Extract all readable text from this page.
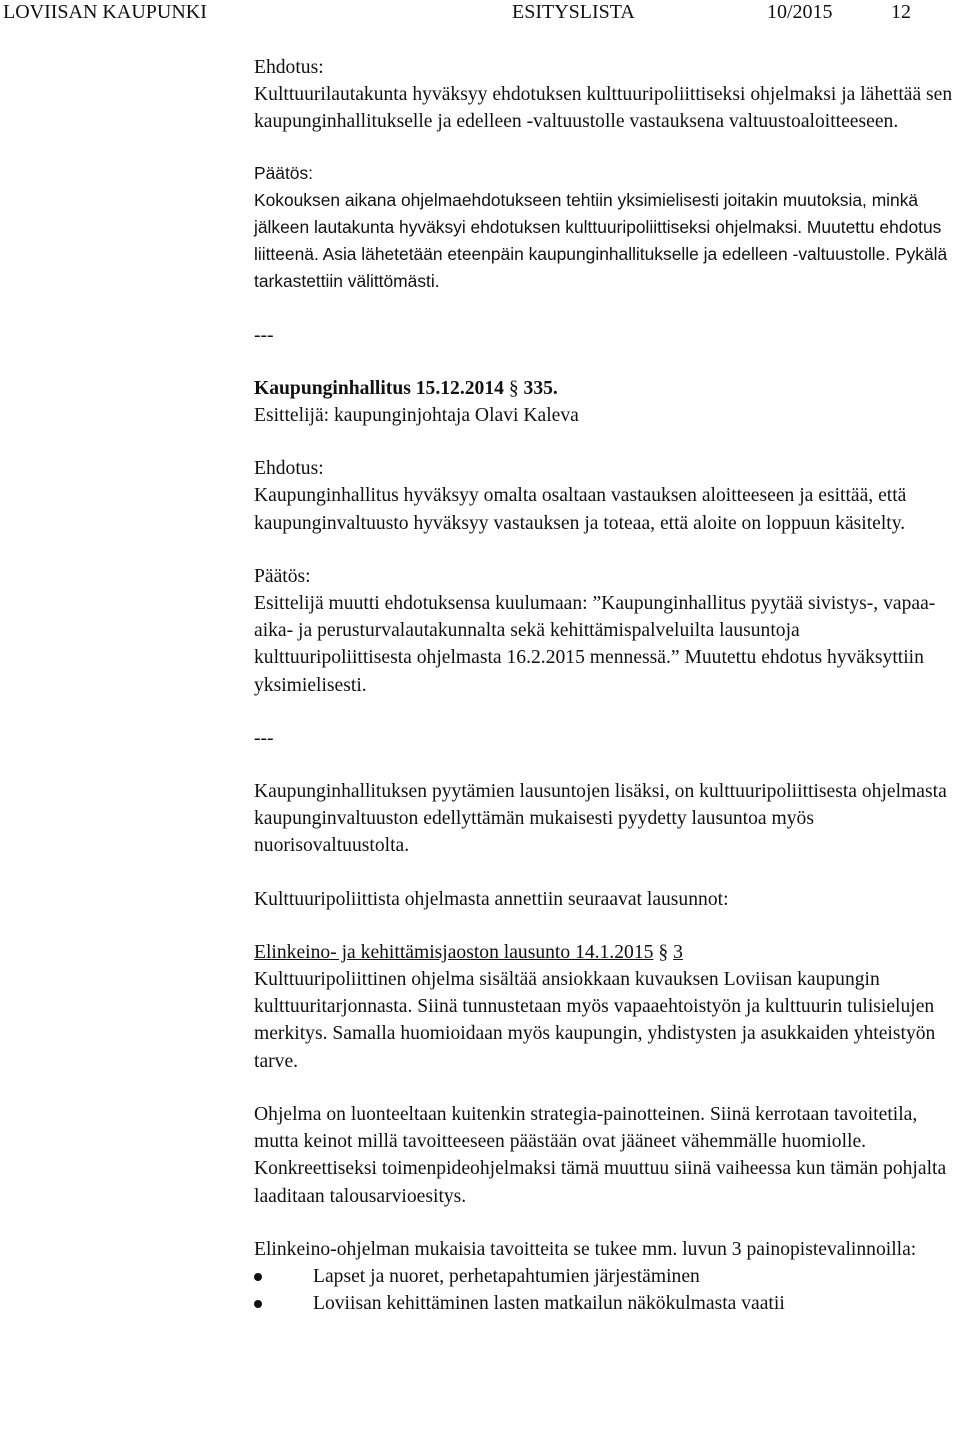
LOVIISAN KAUPUNKI	ESITYSLISTA	10/2015	12

Ehdotus:
Kulttuurilautakunta hyväksyy ehdotuksen kulttuuripoliittiseksi ohjelmaksi ja lähettää sen kaupunginhallitukselle ja edelleen -valtuustolle vastauksena valtuustoaloitteeseen.

Päätös:
Kokouksen aikana ohjelmaehdotukseen tehtiin yksimielisesti joitakin muutoksia, minkä jälkeen lautakunta hyväksyi ehdotuksen kulttuuripoliittiseksi ohjelmaksi. Muutettu ehdotus liitteenä. Asia lähetetään eteenpäin kaupunginhallitukselle ja edelleen -valtuustolle. Pykälä tarkastettiin välittömästi.

---

Kaupunginhallitus 15.12.2014 § 335.

Esittelijä: kaupunginjohtaja Olavi Kaleva

Ehdotus:
Kaupunginhallitus hyväksyy omalta osaltaan vastauksen aloitteeseen ja esittää, että kaupunginvaltuusto hyväksyy vastauksen ja toteaa, että aloite on loppuun käsitelty.

Päätös:
Esittelijä muutti ehdotuksensa kuulumaan: ”Kaupunginhallitus pyytää sivistys-, vapaa-aika- ja perusturvalautakunnalta sekä kehittämispalveluilta lausuntoja kulttuuripoliittisesta ohjelmasta 16.2.2015 mennessä.” Muutettu ehdotus hyväksyttiin yksimielisesti.

---

Kaupunginhallituksen pyytämien lausuntojen lisäksi, on kulttuuripoliittisesta ohjelmasta kaupunginvaltuuston edellyttämän mukaisesti pyydetty lausuntoa myös nuorisovaltuustolta.

Kulttuuripoliittista ohjelmasta annettiin seuraavat lausunnot:

Elinkeino- ja kehittämisjaoston lausunto 14.1.2015 § 3

Kulttuuripoliittinen ohjelma sisältää ansiokkaan kuvauksen Loviisan kaupungin kulttuuritarjonnasta. Siinä tunnustetaan myös vapaaehtoistyön ja kulttuurin tulisielujen merkitys. Samalla huomioidaan myös kaupungin, yhdistysten ja asukkaiden yhteistyön tarve.

Ohjelma on luonteeltaan kuitenkin strategia-painotteinen. Siinä kerrotaan tavoitetila, mutta keinot millä tavoitteeseen päästään ovat jääneet vähemmälle huomiolle. Konkreettiseksi toimenpideohjelmaksi tämä muuttuu siinä vaiheessa kun tämän pohjalta laaditaan talousarvioesitys.

Elinkeino-ohjelman mukaisia tavoitteita se tukee mm. luvun 3 painopistevalinnoilla:

Lapset ja nuoret, perhetapahtumien järjestäminen
Loviisan kehittäminen lasten matkailun näkökulmasta vaatii
